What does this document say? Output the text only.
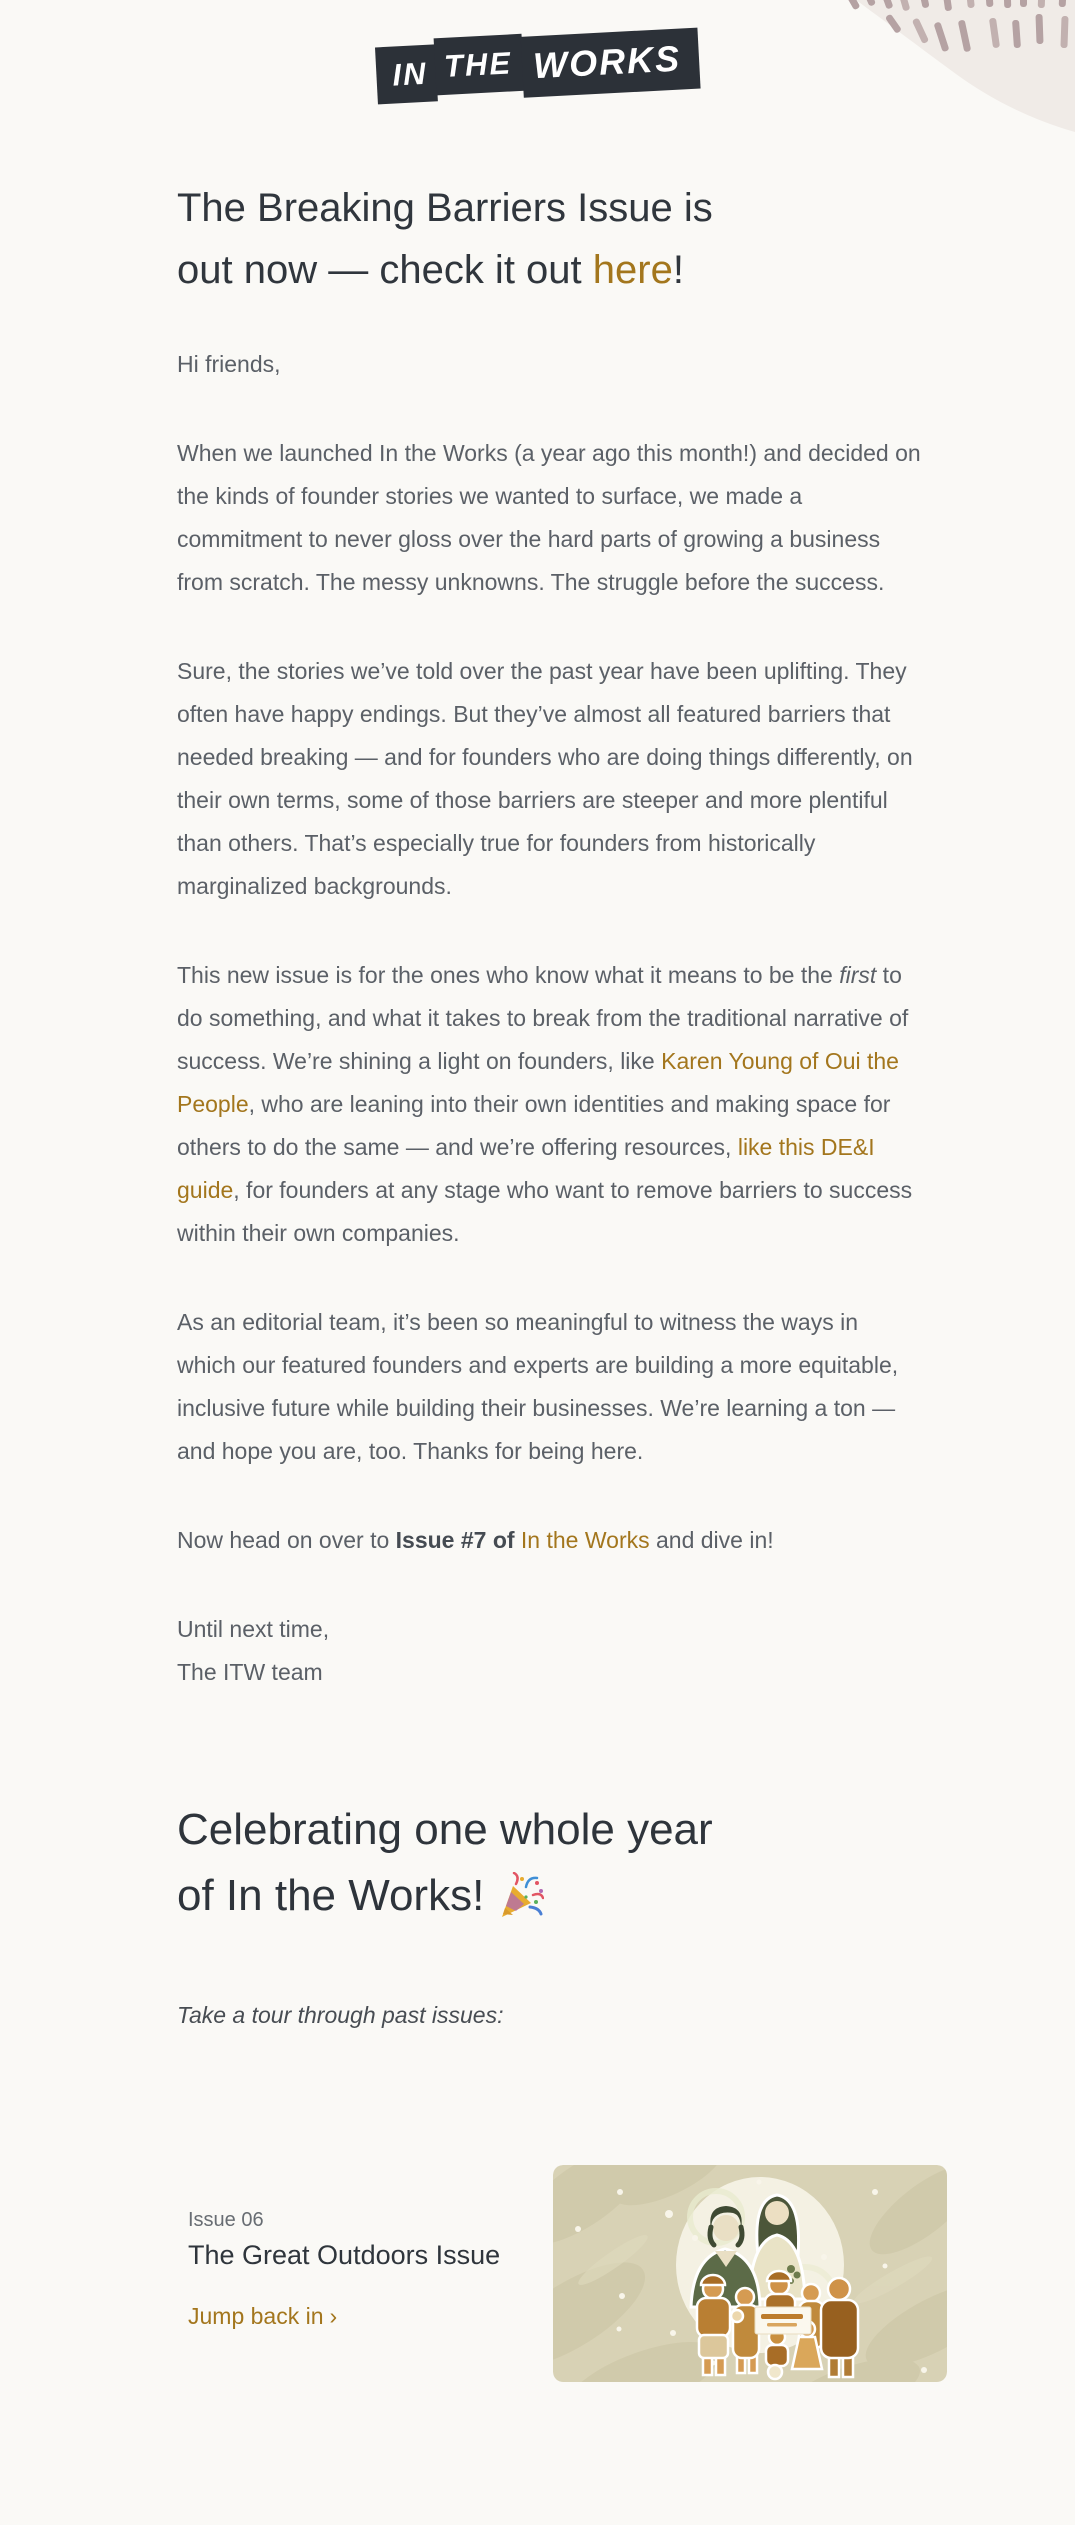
IN THE WORKS
The Breaking Barriers Issue is
out now — check it out here!

Hi friends,

When we launched In the Works (a year ago this month!) and decided on the kinds of founder stories we wanted to surface, we made a commitment to never gloss over the hard parts of growing a business from scratch. The messy unknowns. The struggle before the success.

Sure, the stories we’ve told over the past year have been uplifting. They often have happy endings. But they’ve almost all featured barriers that needed breaking — and for founders who are doing things differently, on their own terms, some of those barriers are steeper and more plentiful than others. That’s especially true for founders from historically marginalized backgrounds.

This new issue is for the ones who know what it means to be the first to do something, and what it takes to break from the traditional narrative of success. We’re shining a light on founders, like Karen Young of Oui the People, who are leaning into their own identities and making space for others to do the same — and we’re offering resources, like this DE&I guide, for founders at any stage who want to remove barriers to success within their own companies.

As an editorial team, it’s been so meaningful to witness the ways in which our featured founders and experts are building a more equitable, inclusive future while building their businesses. We’re learning a ton — and hope you are, too. Thanks for being here.

Now head on over to Issue #7 of In the Works and dive in!

Until next time,
The ITW team

Celebrating one whole year
of In the Works!

Take a tour through past issues:

Issue 06
The Great Outdoors Issue
Jump back in ›
